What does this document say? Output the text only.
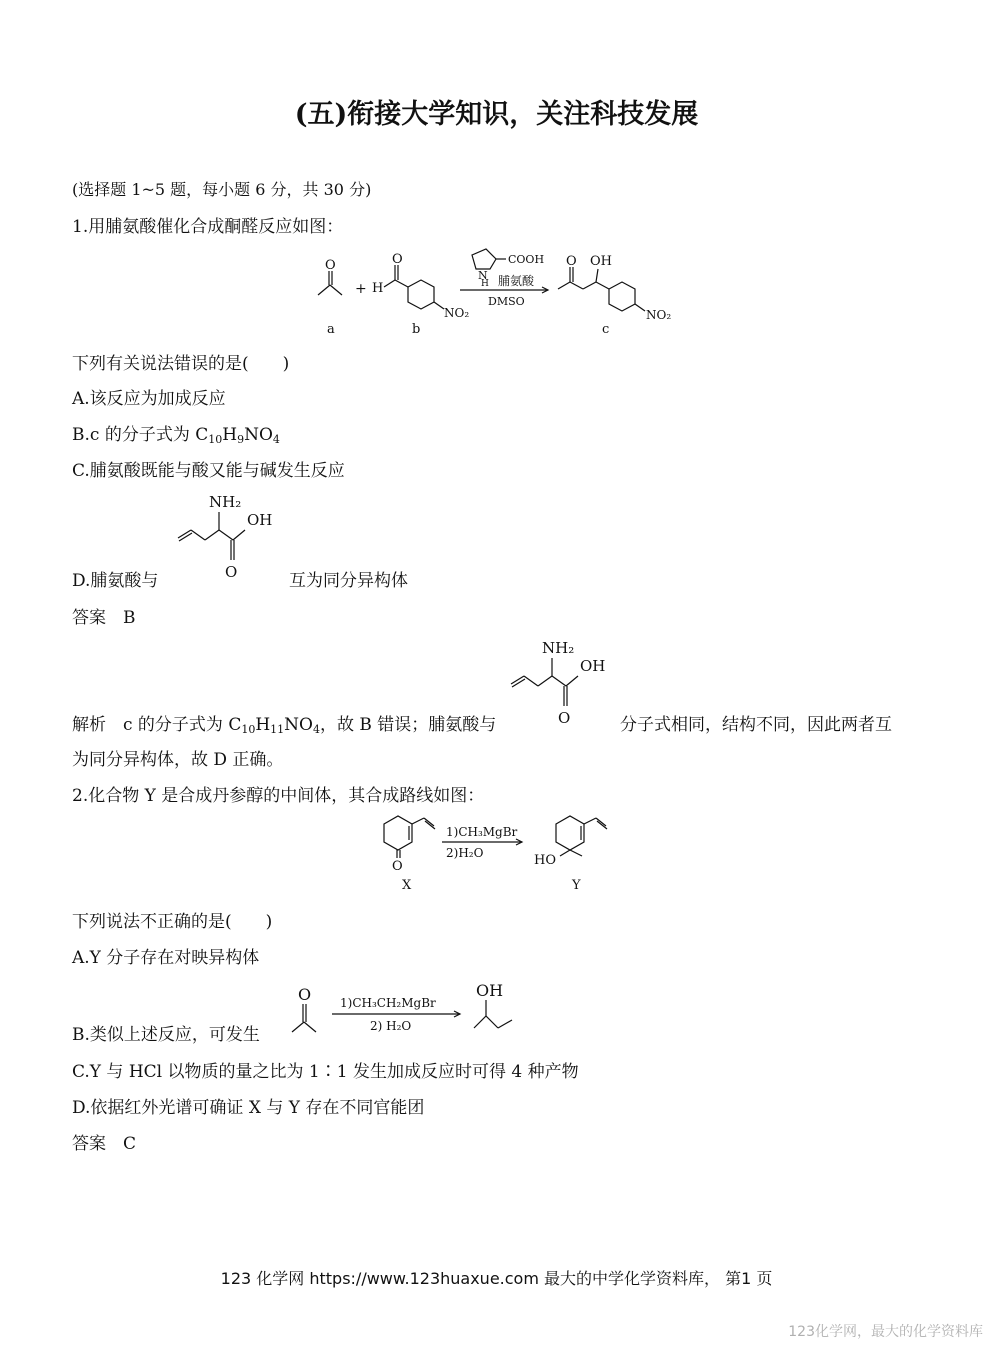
(五)衔接大学知识，关注科技发展
(选择题 1~5 题，每小题 6 分，共 30 分)
1.用脯氨酸催化合成酮醛反应如图：
O
a
+ H
O
NO₂
b
COOH
N
H 脯氨酸
DMSO
O OH
NO₂
c
下列有关说法错误的是(　　)
A.该反应为加成反应
B.c 的分子式为 $C_{10}H_9NO_4$
C.脯氨酸既能与酸又能与碱发生反应
NH₂
OH
O
D.脯氨酸与	互为同分异构体
答案　B
NH₂
OH
O
解析　c 的分子式为 $C_{10}H_{11}NO_4$，故 B 错误；脯氨酸与	分子式相同，结构不同，因此两者互
为同分异构体，故 D 正确。
2.化合物 Y 是合成丹参醇的中间体，其合成路线如图：
O
X
1)CH₃MgBr
2)H₂O	HO
Y
下列说法不正确的是(　　)
A.Y 分子存在对映异构体
B.类似上述反应，可发生
O 1)CH₃CH₂MgBr
2) H₂O
OH
C.Y 与 HCl 以物质的量之比为 1∶1 发生加成反应时可得 4 种产物
D.依据红外光谱可确证 X 与 Y 存在不同官能团
答案　C
123 化学网 https://www.123huaxue.com 最大的中学化学资料库， 第1 页
123化学网，最大的化学资料库
